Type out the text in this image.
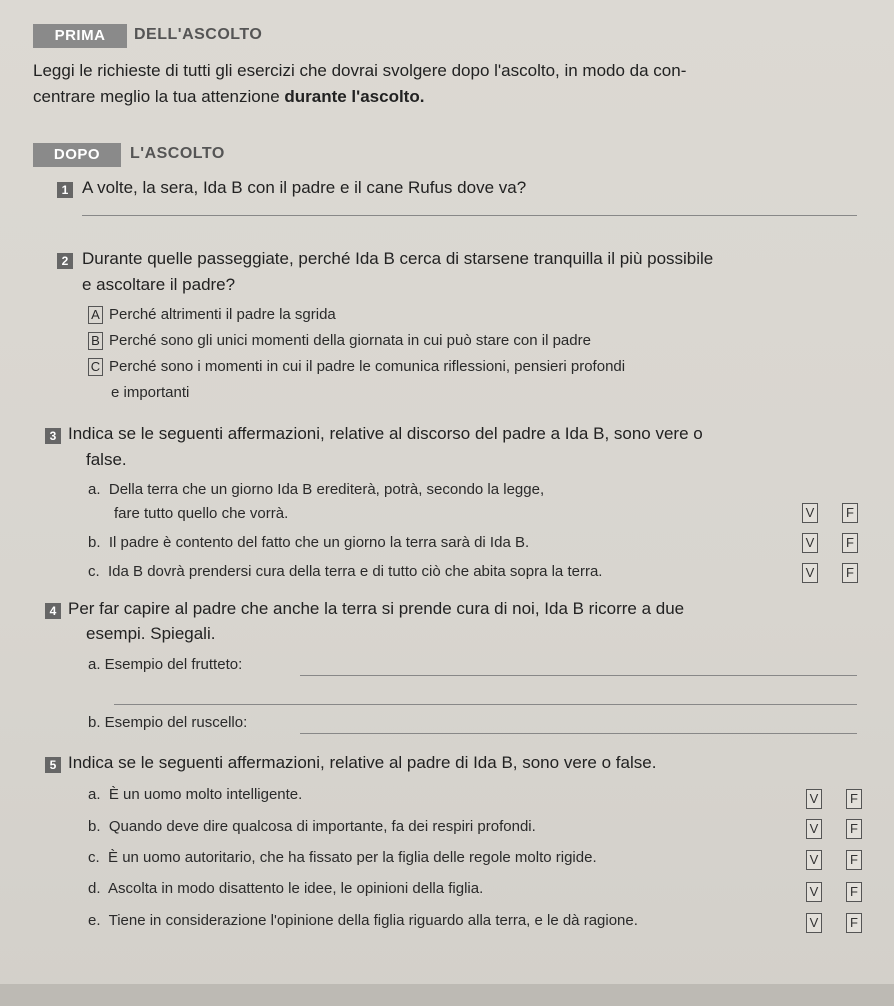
PRIMA	DELL'ASCOLTO
Leggi le richieste di tutti gli esercizi che dovrai svolgere dopo l'ascolto, in modo da con-
centrare meglio la tua attenzione durante l'ascolto.
DOPO	L'ASCOLTO
1 A volte, la sera, Ida B con il padre e il cane Rufus dove va?
2 Durante quelle passeggiate, perché Ida B cerca di starsene tranquilla il più possibile
e ascoltare il padre?
A Perché altrimenti il padre la sgrida
B Perché sono gli unici momenti della giornata in cui può stare con il padre
C Perché sono i momenti in cui il padre le comunica riflessioni, pensieri profondi
e importanti
3 Indica se le seguenti affermazioni, relative al discorso del padre a Ida B, sono vere o
false.
a. Della terra che un giorno Ida B erediterà, potrà, secondo la legge,
fare tutto quello che vorrà.	V	F
b. Il padre è contento del fatto che un giorno la terra sarà di Ida B.	V	F
c. Ida B dovrà prendersi cura della terra e di tutto ciò che abita sopra la terra.	V	F
4 Per far capire al padre che anche la terra si prende cura di noi, Ida B ricorre a due
esempi. Spiegali.
a. Esempio del frutteto:
b. Esempio del ruscello:
5 Indica se le seguenti affermazioni, relative al padre di Ida B, sono vere o false.
a. È un uomo molto intelligente.	V	F
b. Quando deve dire qualcosa di importante, fa dei respiri profondi.	V	F
c. È un uomo autoritario, che ha fissato per la figlia delle regole molto rigide.	V	F
d. Ascolta in modo disattento le idee, le opinioni della figlia.	V	F
e. Tiene in considerazione l'opinione della figlia riguardo alla terra, e le dà ragione.	V	F
